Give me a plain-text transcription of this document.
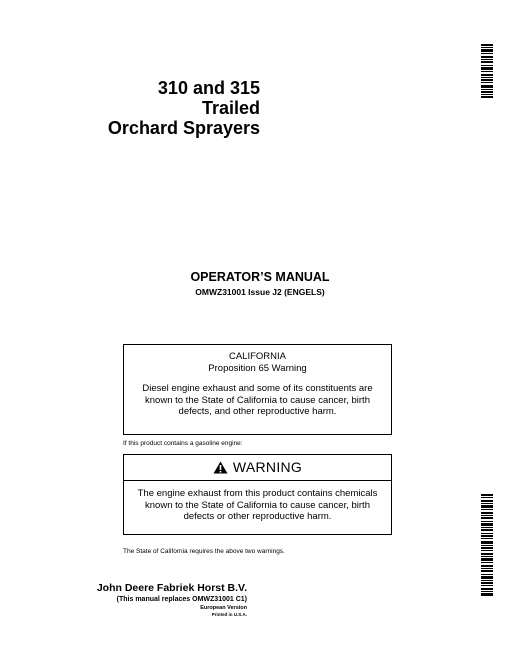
310 and 315
Trailed
Orchard Sprayers
OPERATOR’S MANUAL
OMWZ31001 Issue J2 (ENGELS)

CALIFORNIA

Proposition 65 Warning

Diesel engine exhaust and some of its constituents are known to the State of California to cause cancer, birth defects, and other reproductive harm.

If this product contains a gasoline engine:
WARNING
The engine exhaust from this product contains chemicals known to the State of California to cause cancer, birth defects or other reproductive harm.
The State of California requires the above two warnings.
John Deere Fabriek Horst B.V.
(This manual replaces OMWZ31001 C1)
European Version
Printed in U.S.A.
